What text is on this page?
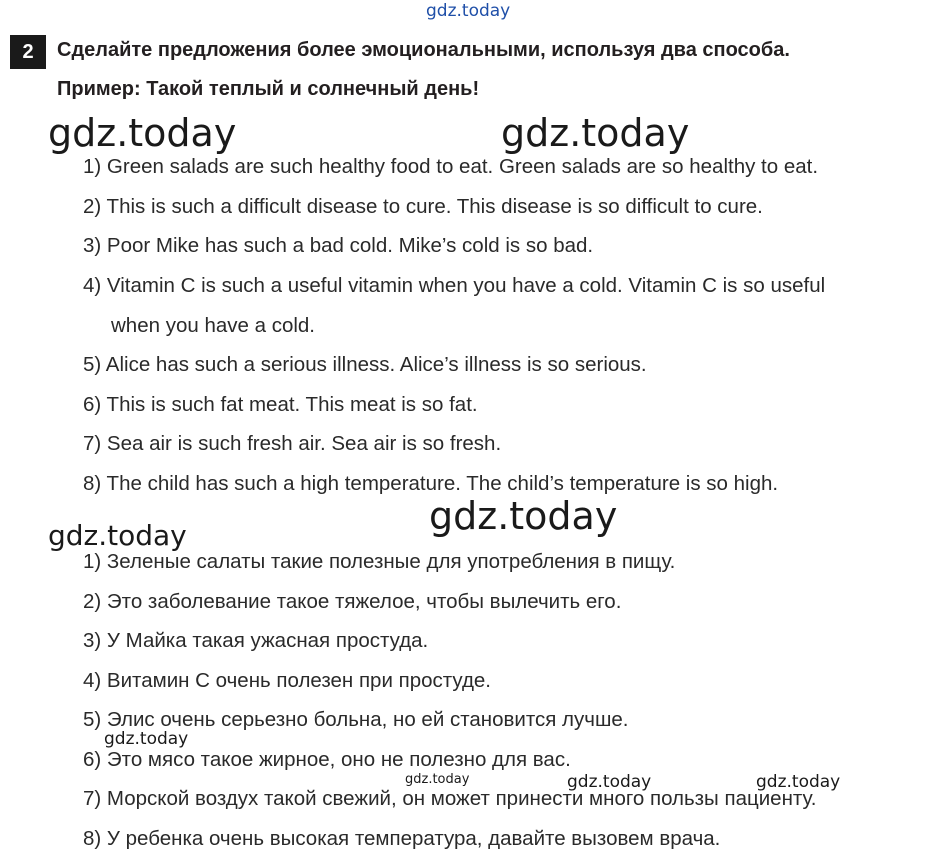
gdz.today
gdz.today	gdz.today
gdz.today
gdz.today
gdz.today
gdz.today	gdz.today	gdz.today
2	Сделайте предложения более эмоциональными, используя два способа.
Пример: Такой теплый и солнечный день!
1) Green salads are such healthy food to eat. Green salads are so healthy to eat.
2) This is such a difficult disease to cure. This disease is so difficult to cure.
3) Poor Mike has such a bad cold. Mike’s cold is so bad.
4) Vitamin C is such a useful vitamin when you have a cold. Vitamin C is so useful
when you have a cold.
5) Alice has such a serious illness. Alice’s illness is so serious.
6) This is such fat meat. This meat is so fat.
7) Sea air is such fresh air. Sea air is so fresh.
8) The child has such a high temperature. The child’s temperature is so high.
1) Зеленые салаты такие полезные для употребления в пищу.
2) Это заболевание такое тяжелое, чтобы вылечить его.
3) У Майка такая ужасная простуда.
4) Витамин С очень полезен при простуде.
5) Элис очень серьезно больна, но ей становится лучше.
6) Это мясо такое жирное, оно не полезно для вас.
7) Морской воздух такой свежий, он может принести много пользы пациенту.
8) У ребенка очень высокая температура, давайте вызовем врача.
